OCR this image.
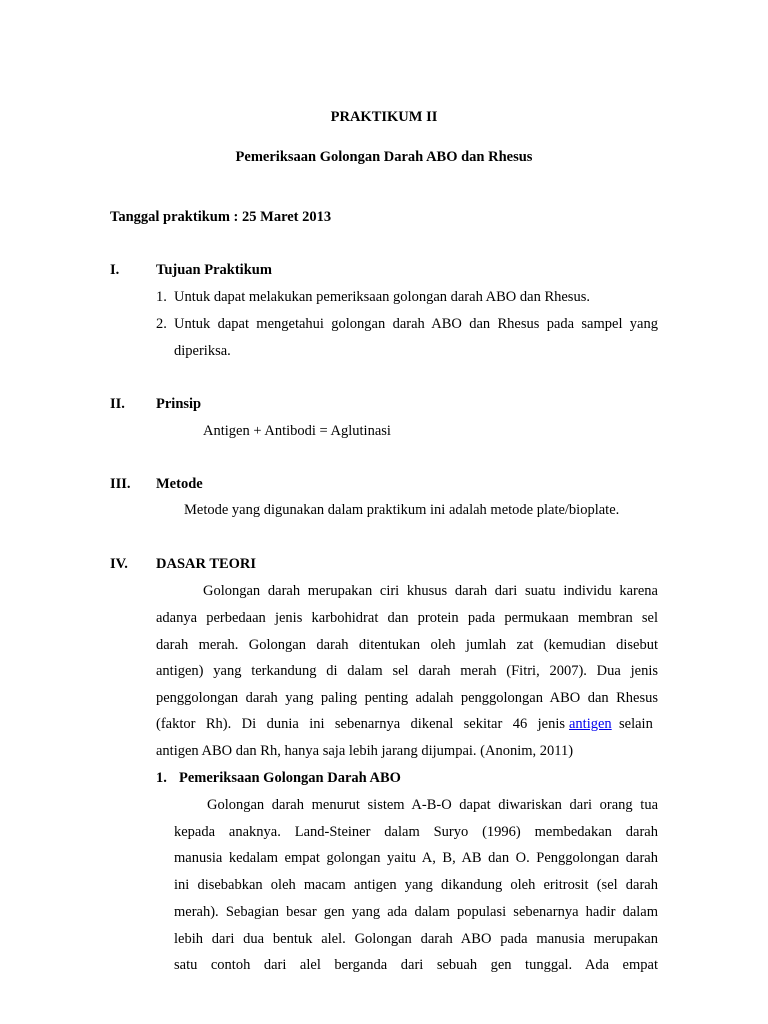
PRAKTIKUM II
Pemeriksaan Golongan Darah ABO dan Rhesus
Tanggal praktikum : 25 Maret 2013
I.	Tujuan Praktikum
1. Untuk dapat melakukan pemeriksaan golongan darah ABO dan Rhesus.
2. Untuk dapat mengetahui golongan darah ABO dan Rhesus pada sampel yang
diperiksa.
II. Prinsip
Antigen + Antibodi = Aglutinasi
III. Metode
Metode yang digunakan dalam praktikum ini adalah metode plate/bioplate.
IV. DASAR TEORI
Golongan darah merupakan ciri khusus darah dari suatu individu karena
adanya perbedaan jenis karbohidrat dan protein pada permukaan membran sel
darah merah. Golongan darah ditentukan oleh jumlah zat (kemudian disebut
antigen) yang terkandung di dalam sel darah merah (Fitri, 2007). Dua jenis
penggolongan darah yang paling penting adalah penggolongan ABO dan Rhesus
(faktor Rh). Di dunia ini sebenarnya dikenal sekitar 46 jenis antigen selain
antigen ABO dan Rh, hanya saja lebih jarang dijumpai. (Anonim, 2011)
1. Pemeriksaan Golongan Darah ABO
Golongan darah menurut sistem A-B-O dapat diwariskan dari orang tua
kepada anaknya. Land-Steiner dalam Suryo (1996) membedakan darah
manusia kedalam empat golongan yaitu A, B, AB dan O. Penggolongan darah
ini disebabkan oleh macam antigen yang dikandung oleh eritrosit (sel darah
merah). Sebagian besar gen yang ada dalam populasi sebenarnya hadir dalam
lebih dari dua bentuk alel. Golongan darah ABO pada manusia merupakan
satu contoh dari alel berganda dari sebuah gen tunggal. Ada empat
